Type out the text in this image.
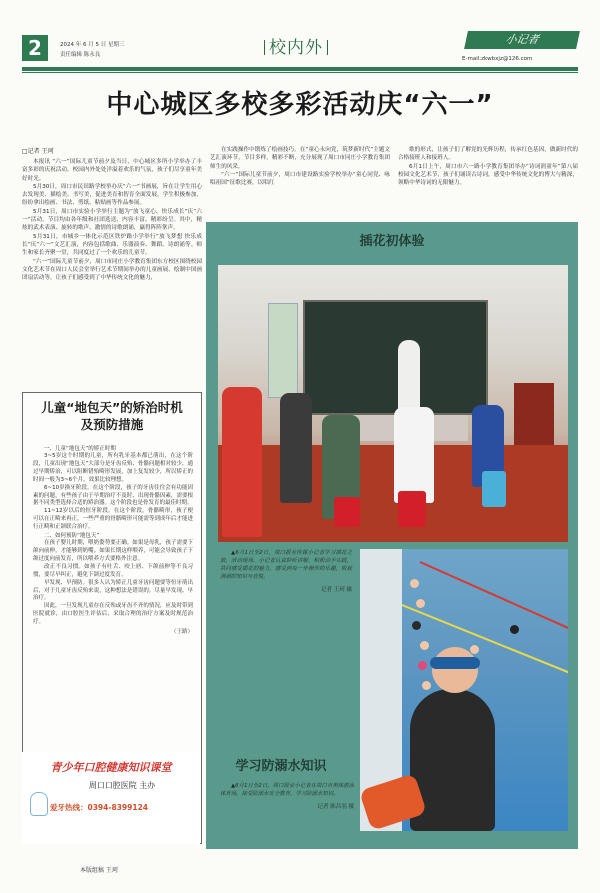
2	2024 年 6 月 5 日 星期三
责任编辑 陈永良	校内外	小记者
E-mail:zkwbxjz@126.com
中心城区多校多彩活动庆“六一”
□记者 王珂

本报讯 “六一”国际儿童节前夕及当日，中心城区多所小学举办了丰富多彩的庆祝活动，校园内外处处洋溢着欢乐的气氛，孩子们尽享童年美好时光。

5月30日，周口市民田路学校举办庆“六一”书画展，旨在让学生用心去发现美、描绘美、书写美，促进美育和智育全面发展。学生积极参加，纷纷拿出绘画、书法、剪纸、粘贴画等作品参展。

5月31日，周口市实验小学举行主题为“放飞童心、快乐成长”庆“六一”活动，节目均由各年级和社团选送，内容丰富、精彩纷呈。其中，精炫的武术表演、旋转的歌声、激情的诗歌朗诵，赢得阵阵掌声。

5月31日，市城乡一体化示范区铁炉路小学举行“放飞梦想 快乐成长”庆“六一”文艺汇演，内容包括歌曲、乐器演奏、舞蹈、诗朗诵等。师生和家长齐聚一堂，共同度过了一个欢乐的儿童节。

“六一”国际儿童节前夕，周口市同庄小学教育集团东方校区围绕校园文化艺术节在周口人民会堂举行艺术节期间举办的儿童画展、绘制中国画团扇活动等，让孩子们感受到了中华传统文化的魅力，

在实践操作中锻炼了绘画技巧。在“童心永向党，筑梦新时代”主题文艺汇演环节，节目多样，精彩不断，充分展现了周口市同庄小学教育集团师生的风采。

“六一”国际儿童节前夕，周口市建设路实验学校举办“童心同党、咏唱祖国”征歌比赛，以唱红

歌的形式，让孩子们了解党的光辉历程，传承红色基因，做新时代的合格接班人和接班人。

6月1日上午，周口市六一路小学教育集团举办“诗词润童年”第八届校园文化艺术节，孩子们诵读古诗词，感受中华传统文化的博大与精深，领略中华诗词的无限魅力。

儿童“地包天”的矫治时机
及预防措施
一、儿童“地包天”的矫正时期

3~5岁这个时期的儿童，所有乳牙基本都已萌出，在这个阶段，儿童出现“地包天”大部分是牙齿反殆、骨骼问题相对较少，通过早期矫治，可以阻断错殆畸形发展，加上复发较少，所以矫正的时间一般为3~6个月，效果比较理想。

6~10岁换牙阶段。在这个阶段，孩子的牙齿往往会有功能因素的问题，有些孩子由于早期治疗不及时，出现骨骼因素，需要根据不同类型选择合适的矫治器。这个阶段也是骨发育的最佳时期。

11~12岁以后的恒牙阶段。在这个阶段，骨骼畸形，孩子便可以在正畸来再正，一些严重的骨骼畸形可能需等到成年后才能进行正畸和正颌联合治疗。

二、如何预防“地包天”

在孩子婴儿时期，喂奶姿势要正确。如果是母乳，孩子需要下颌向前伸，才能够到奶嘴。如果长期这样喂养，可能会导致孩子下颌过度向前发育，所以喂养方式要格外注意。

改正不良习惯。如孩子有吐舌、咬上唇、下颌前伸等不良习惯，要尽早纠正，避免下颌过度发育。

早发现、早预防。很多人认为矫正儿童牙齿问题要等恒牙萌出后，对于儿童牙齿反殆来说，这种想法是错误的。尽量早发现、早治疗。

因此，一旦发现儿童存在反殆或牙齿不齐的情况，应及时带到医院就诊，由口腔医生评估后，采取合理的治疗方案及时规范治疗。

（王路）
青少年口腔健康知识课堂
周口口腔医院 主办
爱牙热线：0394-8399124
插花初体验

▲6月1日至2日，周口报业传媒小记者学习插花之旅，活动现场，小记者认真聆听讲解，积极动手实践，共同感受插花的魅力，感受到每一步操作的乐趣，收获满满的知识与喜悦。

记者 王珂 摄
学习防溺水知识

▲6月1日至2日，周口报业小记者在周口市奥体游泳体育场，接受防溺水安全教育，学习防溺水知识。

记者 陈昌羽 摄
本版组稿 王珂
